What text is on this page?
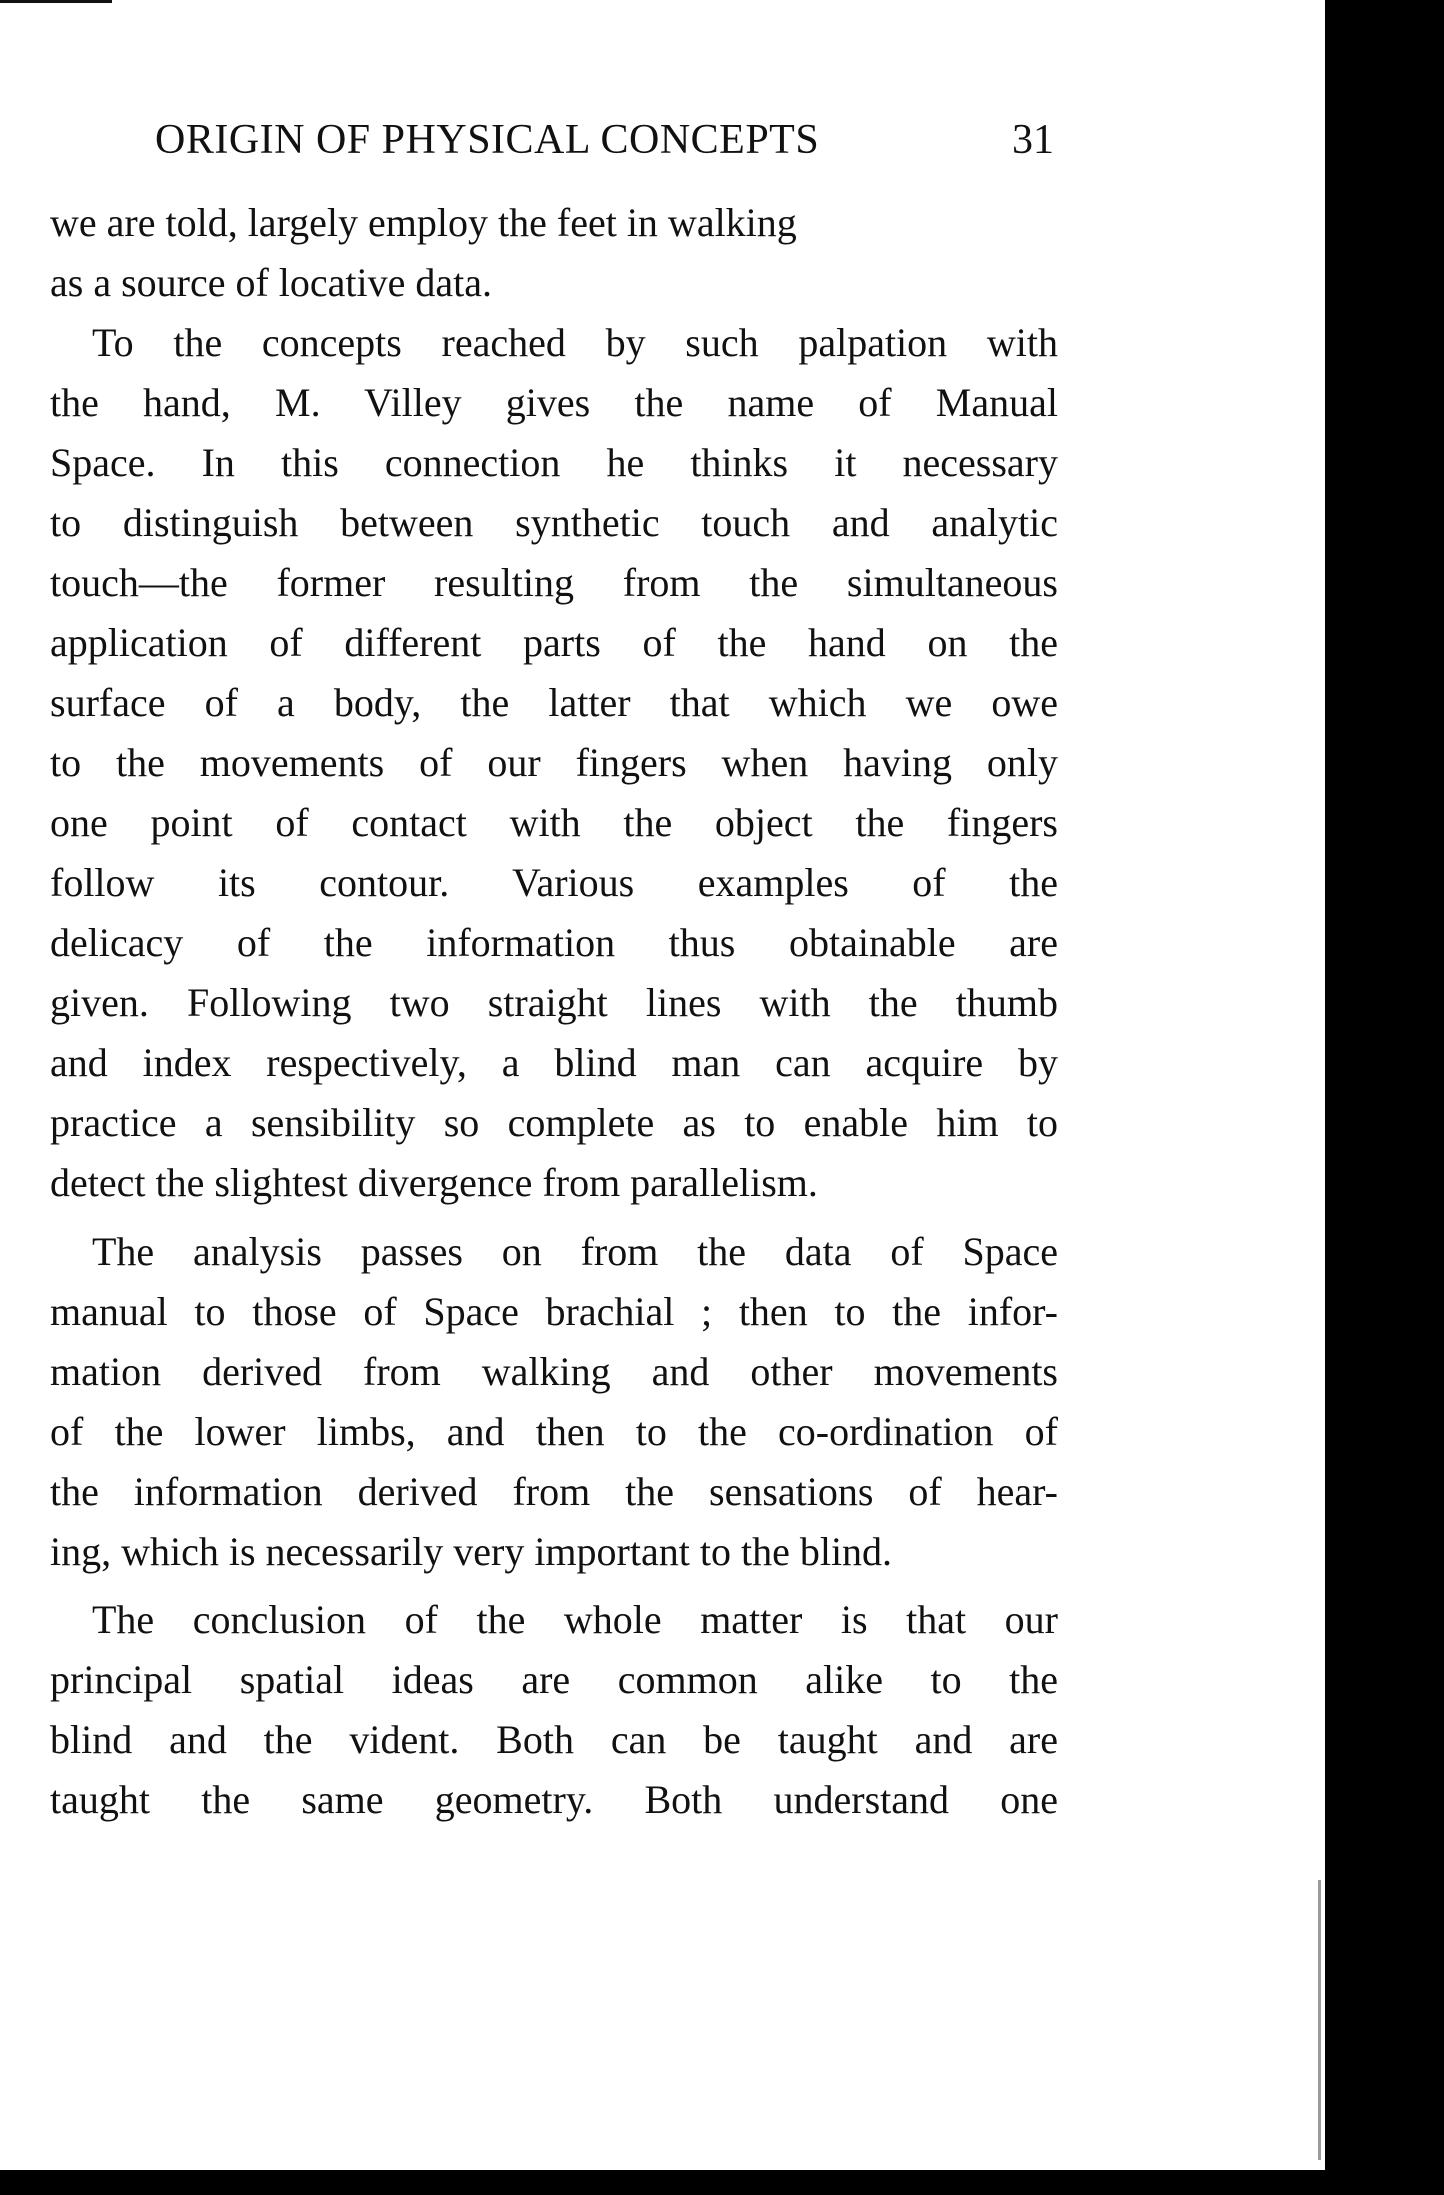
ORIGIN OF PHYSICAL CONCEPTS	31
we are told, largely employ the feet in walking
as a source of locative data.
To the concepts reached by such palpation with
the hand, M. Villey gives the name of Manual
Space. In this connection he thinks it necessary
to distinguish between synthetic touch and analytic
touch—the former resulting from the simultaneous
application of different parts of the hand on the
surface of a body, the latter that which we owe
to the movements of our fingers when having only
one point of contact with the object the fingers
follow its contour. Various examples of the
delicacy of the information thus obtainable are
given. Following two straight lines with the thumb
and index respectively, a blind man can acquire by
practice a sensibility so complete as to enable him to
detect the slightest divergence from parallelism.
The analysis passes on from the data of Space
manual to those of Space brachial ; then to the infor-
mation derived from walking and other movements
of the lower limbs, and then to the co-ordination of
the information derived from the sensations of hear-
ing, which is necessarily very important to the blind.
The conclusion of the whole matter is that our
principal spatial ideas are common alike to the
blind and the vident. Both can be taught and are
taught the same geometry. Both understand one
